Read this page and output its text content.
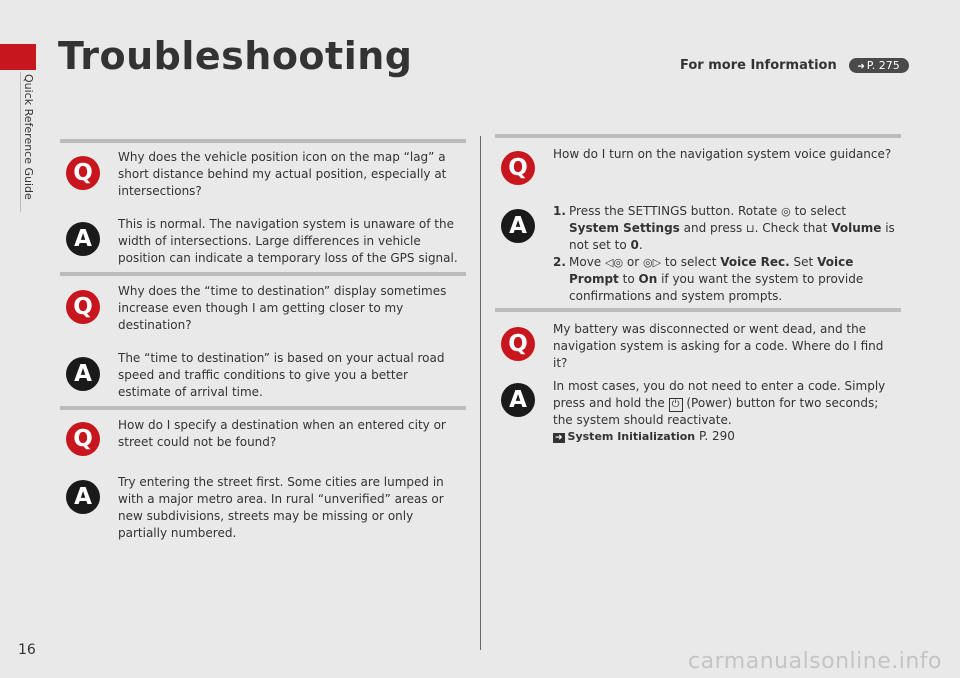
Quick Reference Guide
Troubleshooting	For more Information ➜ P. 275
Q
Why does the vehicle position icon on the map “lag” a short distance behind my actual position, especially at intersections?
A
This is normal. The navigation system is unaware of the width of intersections. Large differences in vehicle position can indicate a temporary loss of the GPS signal.
Q
Why does the “time to destination” display sometimes increase even though I am getting closer to my destination?
A
The “time to destination” is based on your actual road speed and traffic conditions to give you a better estimate of arrival time.
Q
How do I specify a destination when an entered city or street could not be found?
A
Try entering the street first. Some cities are lumped in with a major metro area. In rural “unverified” areas or new subdivisions, streets may be missing or only partially numbered.
Q
How do I turn on the navigation system voice guidance?
A
1. Press the SETTINGS button. Rotate ◎ to select System Settings and press ⊔. Check that Volume is not set to 0.
2. Move ◁◎ or ◎▷ to select Voice Rec. Set Voice Prompt to On if you want the system to provide confirmations and system prompts.
Q
My battery was disconnected or went dead, and the navigation system is asking for a code. Where do I find it?
A
In most cases, you do not need to enter a code. Simply press and hold the ⏻ (Power) button for two seconds; the system should reactivate.
➜ System Initialization P. 290
16	carmanualsonline.info
